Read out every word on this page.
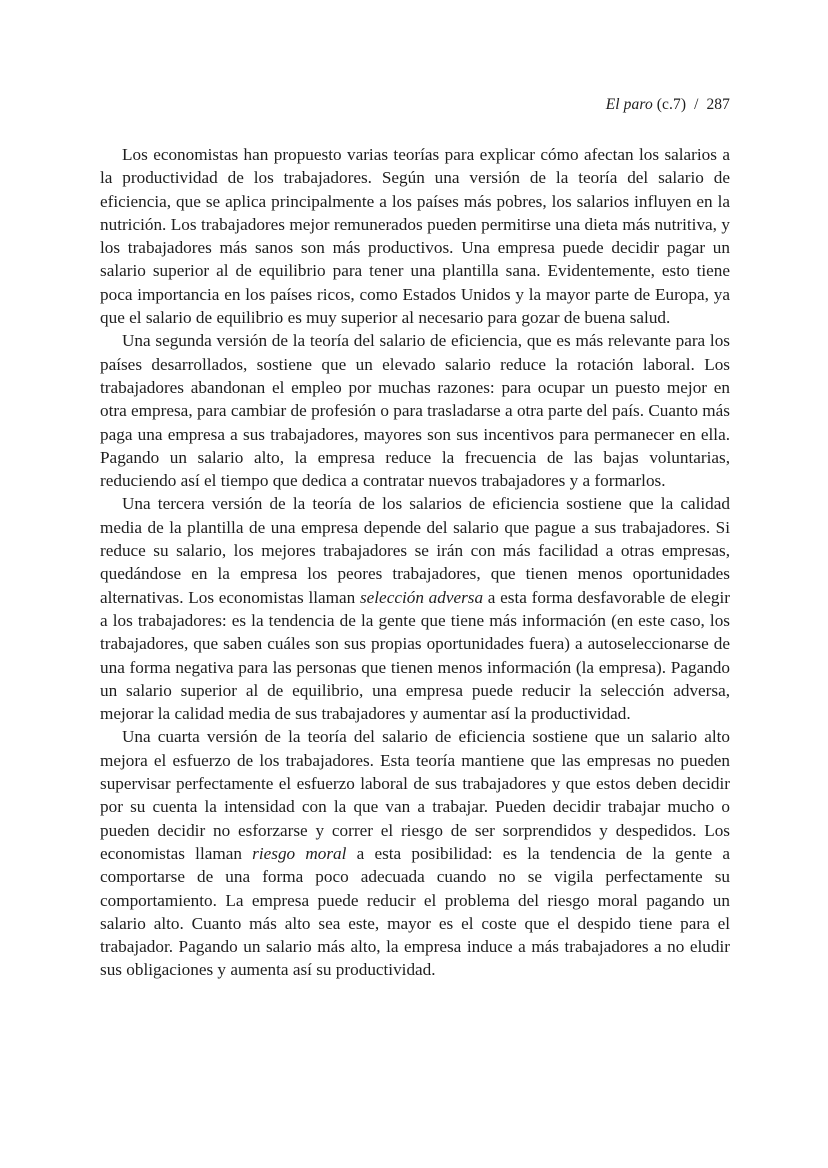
El paro (c.7) / 287

Los economistas han propuesto varias teorías para explicar cómo afectan los salarios a la productividad de los trabajadores. Según una versión de la teoría del salario de eficiencia, que se aplica principalmente a los países más pobres, los salarios influyen en la nutrición. Los trabajadores mejor remunerados pueden permitirse una dieta más nutritiva, y los trabajadores más sanos son más productivos. Una empresa puede decidir pagar un salario superior al de equilibrio para tener una plantilla sana. Evidentemente, esto tiene poca importancia en los países ricos, como Estados Unidos y la mayor parte de Europa, ya que el salario de equilibrio es muy superior al necesario para gozar de buena salud.

Una segunda versión de la teoría del salario de eficiencia, que es más relevante para los países desarrollados, sostiene que un elevado salario reduce la rotación laboral. Los trabajadores abandonan el empleo por muchas razones: para ocupar un puesto mejor en otra empresa, para cambiar de profesión o para trasladarse a otra parte del país. Cuanto más paga una empresa a sus trabajadores, mayores son sus incentivos para permanecer en ella. Pagando un salario alto, la empresa reduce la frecuencia de las bajas voluntarias, reduciendo así el tiempo que dedica a contratar nuevos trabajadores y a formarlos.

Una tercera versión de la teoría de los salarios de eficiencia sostiene que la calidad media de la plantilla de una empresa depende del salario que pague a sus trabajadores. Si reduce su salario, los mejores trabajadores se irán con más facilidad a otras empresas, quedándose en la empresa los peores trabajadores, que tienen menos oportunidades alternativas. Los economistas llaman selección adversa a esta forma desfavorable de elegir a los trabajadores: es la tendencia de la gente que tiene más información (en este caso, los trabajadores, que saben cuáles son sus propias oportunidades fuera) a autoseleccionarse de una forma negativa para las personas que tienen menos información (la empresa). Pagando un salario superior al de equilibrio, una empresa puede reducir la selección adversa, mejorar la calidad media de sus trabajadores y aumentar así la productividad.

Una cuarta versión de la teoría del salario de eficiencia sostiene que un salario alto mejora el esfuerzo de los trabajadores. Esta teoría mantiene que las empresas no pueden supervisar perfectamente el esfuerzo laboral de sus trabajadores y que estos deben decidir por su cuenta la intensidad con la que van a trabajar. Pueden decidir trabajar mucho o pueden decidir no esforzarse y correr el riesgo de ser sorprendidos y despedidos. Los economistas llaman riesgo moral a esta posibilidad: es la tendencia de la gente a comportarse de una forma poco adecuada cuando no se vigila perfectamente su comportamiento. La empresa puede reducir el problema del riesgo moral pagando un salario alto. Cuanto más alto sea este, mayor es el coste que el despido tiene para el trabajador. Pagando un salario más alto, la empresa induce a más trabajadores a no eludir sus obligaciones y aumenta así su productividad.
